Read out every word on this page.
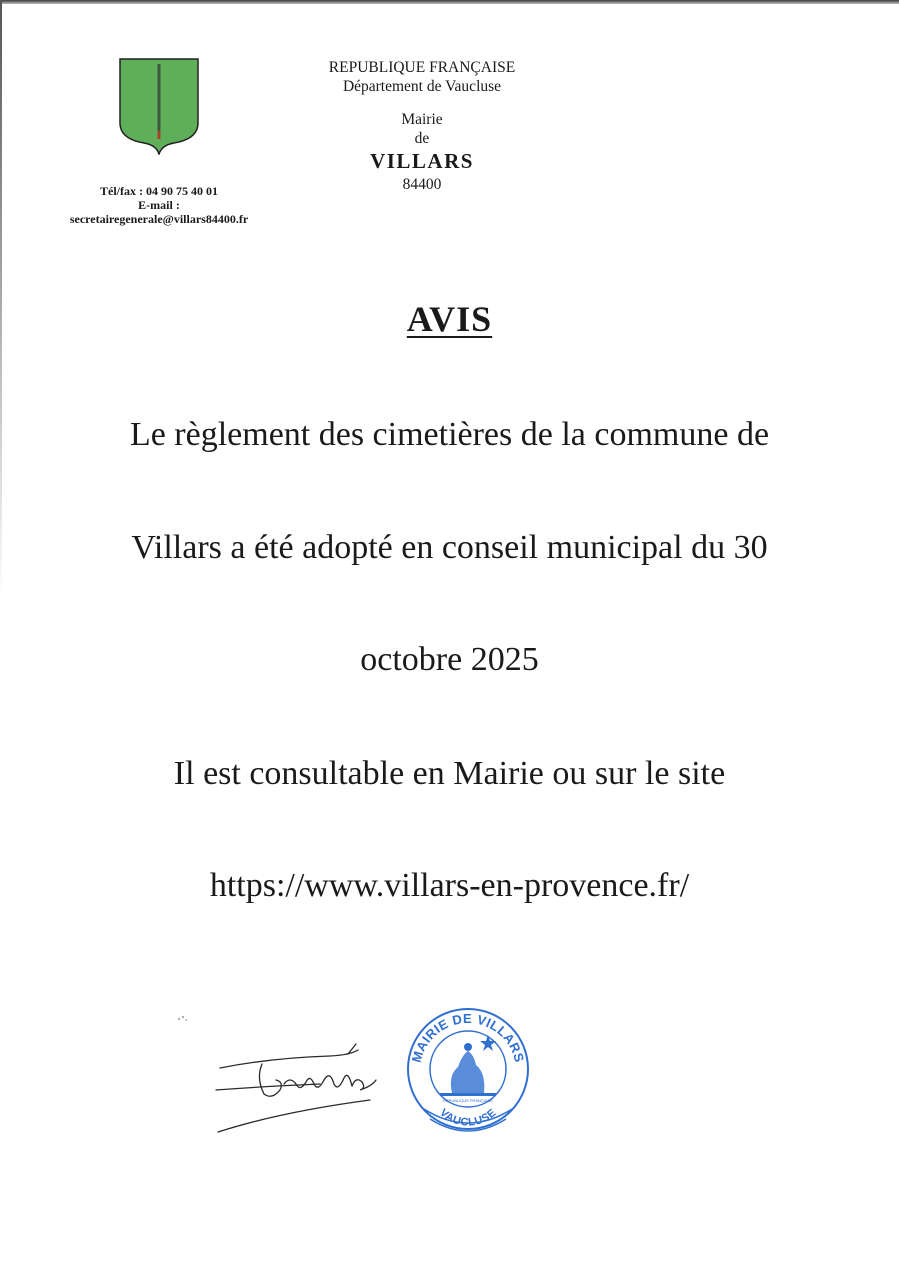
Tél/fax : 04 90 75 40 01
E-mail :
secretairegenerale@villars84400.fr
REPUBLIQUE FRANÇAISE
Département de Vaucluse
Mairie
de
VILLARS
84400
AVIS
Le règlement des cimetières de la commune de
Villars a été adopté en conseil municipal du 30
octobre 2025
Il est consultable en Mairie ou sur le site
https://www.villars-en-provence.fr/
MAIRIE DE VILLARS
VAUCLUSE
REPUBLIQUE FRANÇAISE
